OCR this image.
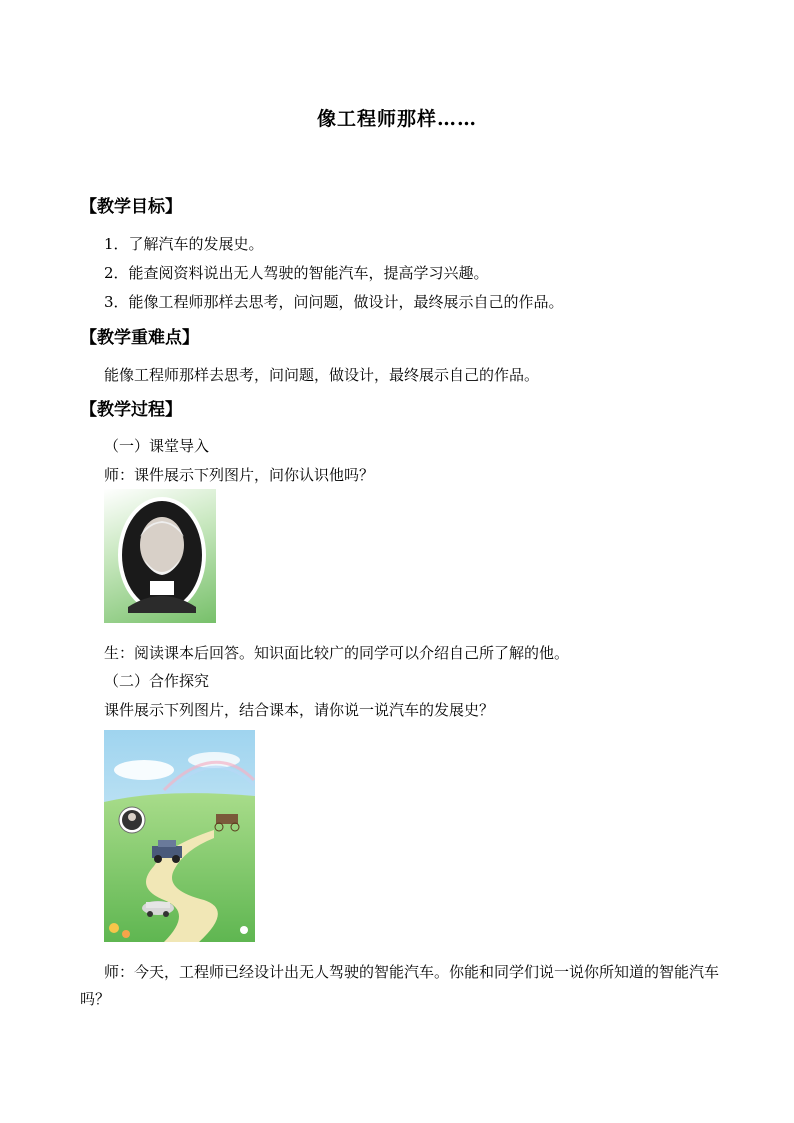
像工程师那样……
【教学目标】
1．了解汽车的发展史。
2．能查阅资料说出无人驾驶的智能汽车，提高学习兴趣。
3．能像工程师那样去思考，问问题，做设计，最终展示自己的作品。
【教学重难点】
能像工程师那样去思考，问问题，做设计，最终展示自己的作品。
【教学过程】
（一）课堂导入
师：课件展示下列图片，问你认识他吗？
生：阅读课本后回答。知识面比较广的同学可以介绍自己所了解的他。
（二）合作探究
课件展示下列图片，结合课本，请你说一说汽车的发展史？
师：今天，工程师已经设计出无人驾驶的智能汽车。你能和同学们说一说你所知道的智能汽车吗？
